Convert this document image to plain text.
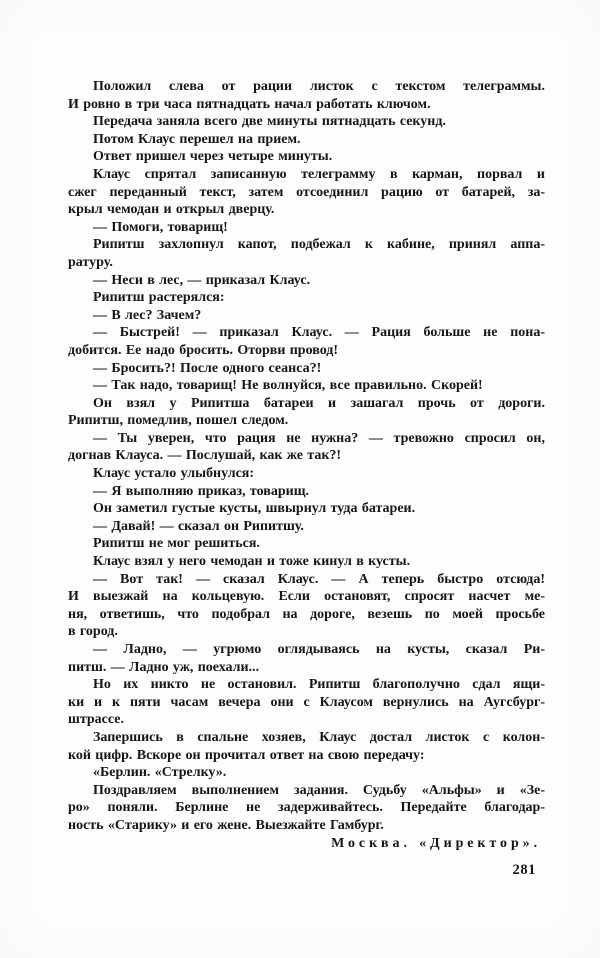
Положил слева от рации листок с текстом телеграммы.
И ровно в три часа пятнадцать начал работать ключом.
Передача заняла всего две минуты пятнадцать секунд.
Потом Клаус перешел на прием.
Ответ пришел через четыре минуты.
Клаус спрятал записанную телеграмму в карман, порвал и
сжег переданный текст, затем отсоединил рацию от батарей, за-
крыл чемодан и открыл дверцу.
— Помоги, товарищ!
Рипитш захлопнул капот, подбежал к кабине, принял аппа-
ратуру.
— Неси в лес, — приказал Клаус.
Рипитш растерялся:
— В лес? Зачем?
— Быстрей! — приказал Клаус. — Рация больше не пона-
добится. Ее надо бросить. Оторви провод!
— Бросить?! После одного сеанса?!
— Так надо, товарищ! Не волнуйся, все правильно. Скорей!
Он взял у Рипитша батареи и зашагал прочь от дороги.
Рипитш, помедлив, пошел следом.
— Ты уверен, что рация не нужна? — тревожно спросил он,
догнав Клауса. — Послушай, как же так?!
Клаус устало улыбнулся:
— Я выполняю приказ, товарищ.
Он заметил густые кусты, швырнул туда батареи.
— Давай! — сказал он Рипитшу.
Рипитш не мог решиться.
Клаус взял у него чемодан и тоже кинул в кусты.
— Вот так! — сказал Клаус. — А теперь быстро отсюда!
И выезжай на кольцевую. Если остановят, спросят насчет ме-
ня, ответишь, что подобрал на дороге, везешь по моей просьбе
в город.
— Ладно, — угрюмо оглядываясь на кусты, сказал Ри-
питш. — Ладно уж, поехали...
Но их никто не остановил. Рипитш благополучно сдал ящи-
ки и к пяти часам вечера они с Клаусом вернулись на Аугсбург-
штрассе.
Запершись в спальне хозяев, Клаус достал листок с колон-
кой цифр. Вскоре он прочитал ответ на свою передачу:
«Берлин. «Стрелку».
Поздравляем выполнением задания. Судьбу «Альфы» и «Зе-
ро» поняли. Берлине не задерживайтесь. Передайте благодар-
ность «Старику» и его жене. Выезжайте Гамбург.
Москва. «Директор».
281
